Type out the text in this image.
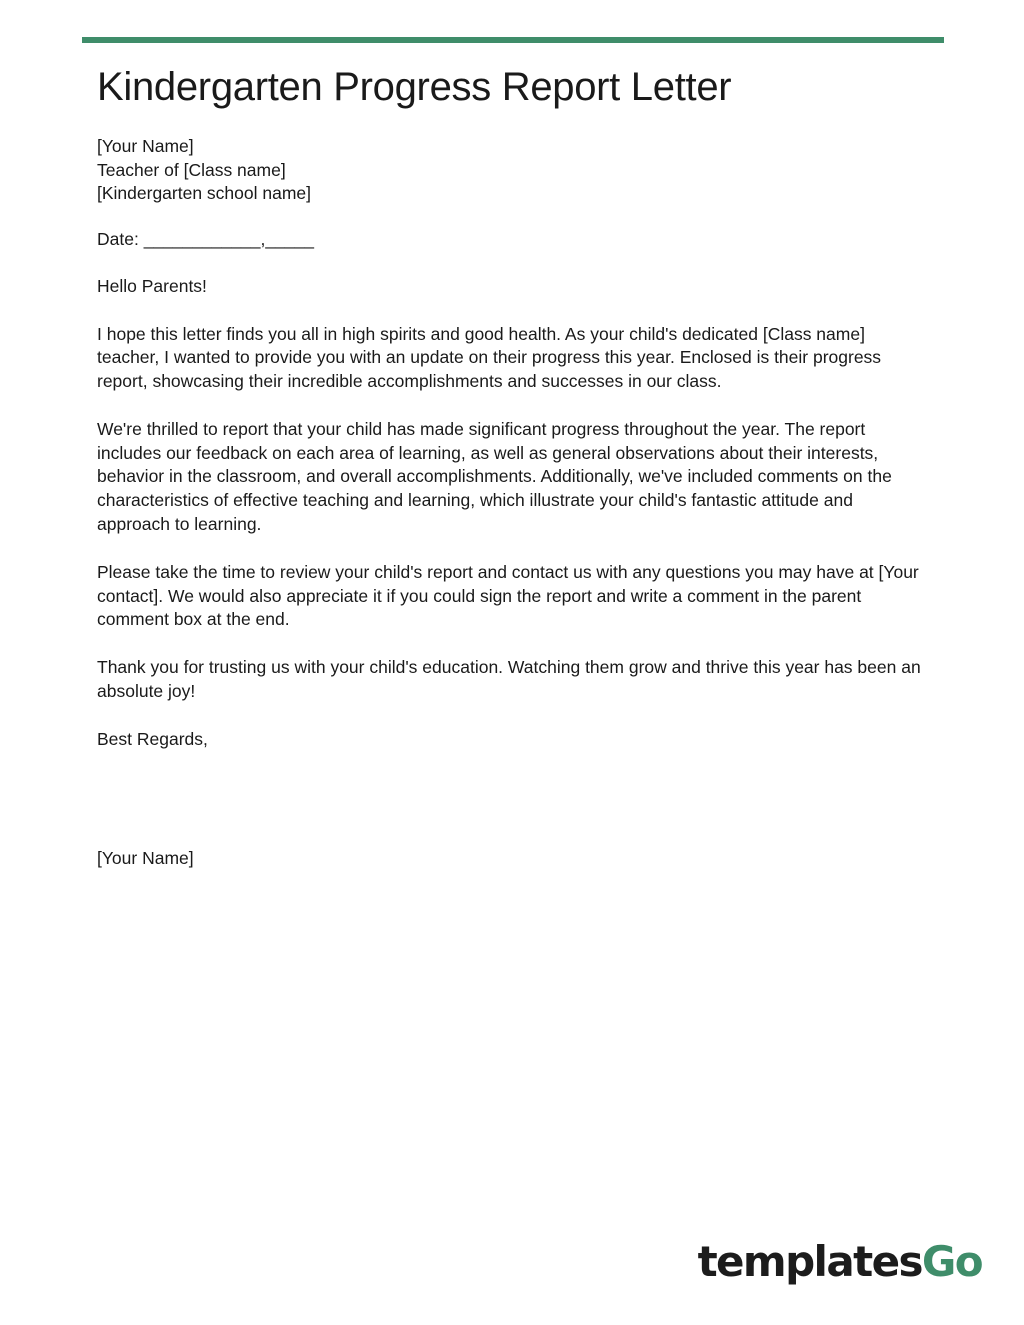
Kindergarten Progress Report Letter
[Your Name]
Teacher of [Class name]
[Kindergarten school name]
Date: ____________,_____
Hello Parents!

I hope this letter finds you all in high spirits and good health. As your child's dedicated [Class name] teacher, I wanted to provide you with an update on their progress this year. Enclosed is their progress report, showcasing their incredible accomplishments and successes in our class.

We're thrilled to report that your child has made significant progress throughout the year. The report includes our feedback on each area of learning, as well as general observations about their interests, behavior in the classroom, and overall accomplishments. Additionally, we've included comments on the characteristics of effective teaching and learning, which illustrate your child's fantastic attitude and approach to learning.

Please take the time to review your child's report and contact us with any questions you may have at [Your contact]. We would also appreciate it if you could sign the report and write a comment in the parent comment box at the end.

Thank you for trusting us with your child's education. Watching them grow and thrive this year has been an absolute joy!

Best Regards,
[Your Name]
templatesGo
